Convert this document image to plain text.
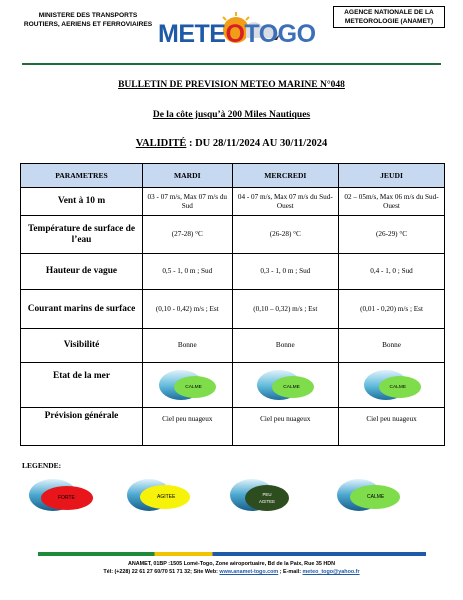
MINISTERE DES TRANSPORTS
ROUTIERS, AERIENS ET FERROVIAIRES METEOTOGO
AGENCE NATIONALE DE LA
METEOROLOGIE (ANAMET)
BULLETIN DE PREVISION METEO MARINE N°048
De la côte jusqu’à 200 Miles Nautiques
VALIDITÉ : DU 28/11/2024 AU 30/11/2024
PARAMETRES	MARDI	MERCREDI	JEUDI
Vent à 10 m	03 - 07 m/s, Max 07 m/s du Sud	04 - 07 m/s, Max 07 m/s du Sud-Ouest	02 – 05m/s, Max 06 m/s du Sud-Ouest
Température de surface de l’eau	(27-28) °C	(26-28) °C	(26-29) °C
Hauteur de vague	0,5 - 1, 0 m ; Sud	0,3 - 1, 0 m ; Sud	0,4 - 1, 0 ; Sud
Courant marins de surface	(0,10 - 0,42) m/s ; Est	(0,10 – 0,32) m/s ; Est	(0,01 - 0,20) m/s ; Est
Visibilité	Bonne	Bonne	Bonne
Etat de la mer	CALME	CALME	CALME

Prévision générale	Ciel peu nuageux	Ciel peu nuageux	Ciel peu nuageux
LEGENDE:
FORTE	AGITEE	PEU AGITEE
CALME
ANAMET, 01BP :1505 Lomé-Togo, Zone aéroportuaire, Bd de la Paix, Rue 35 HDN
Tél: (+228) 22 61 27 60/70 51 71 32; Site Web: www.anamet-togo.com ; E-mail: meteo_togo@yahoo.fr
